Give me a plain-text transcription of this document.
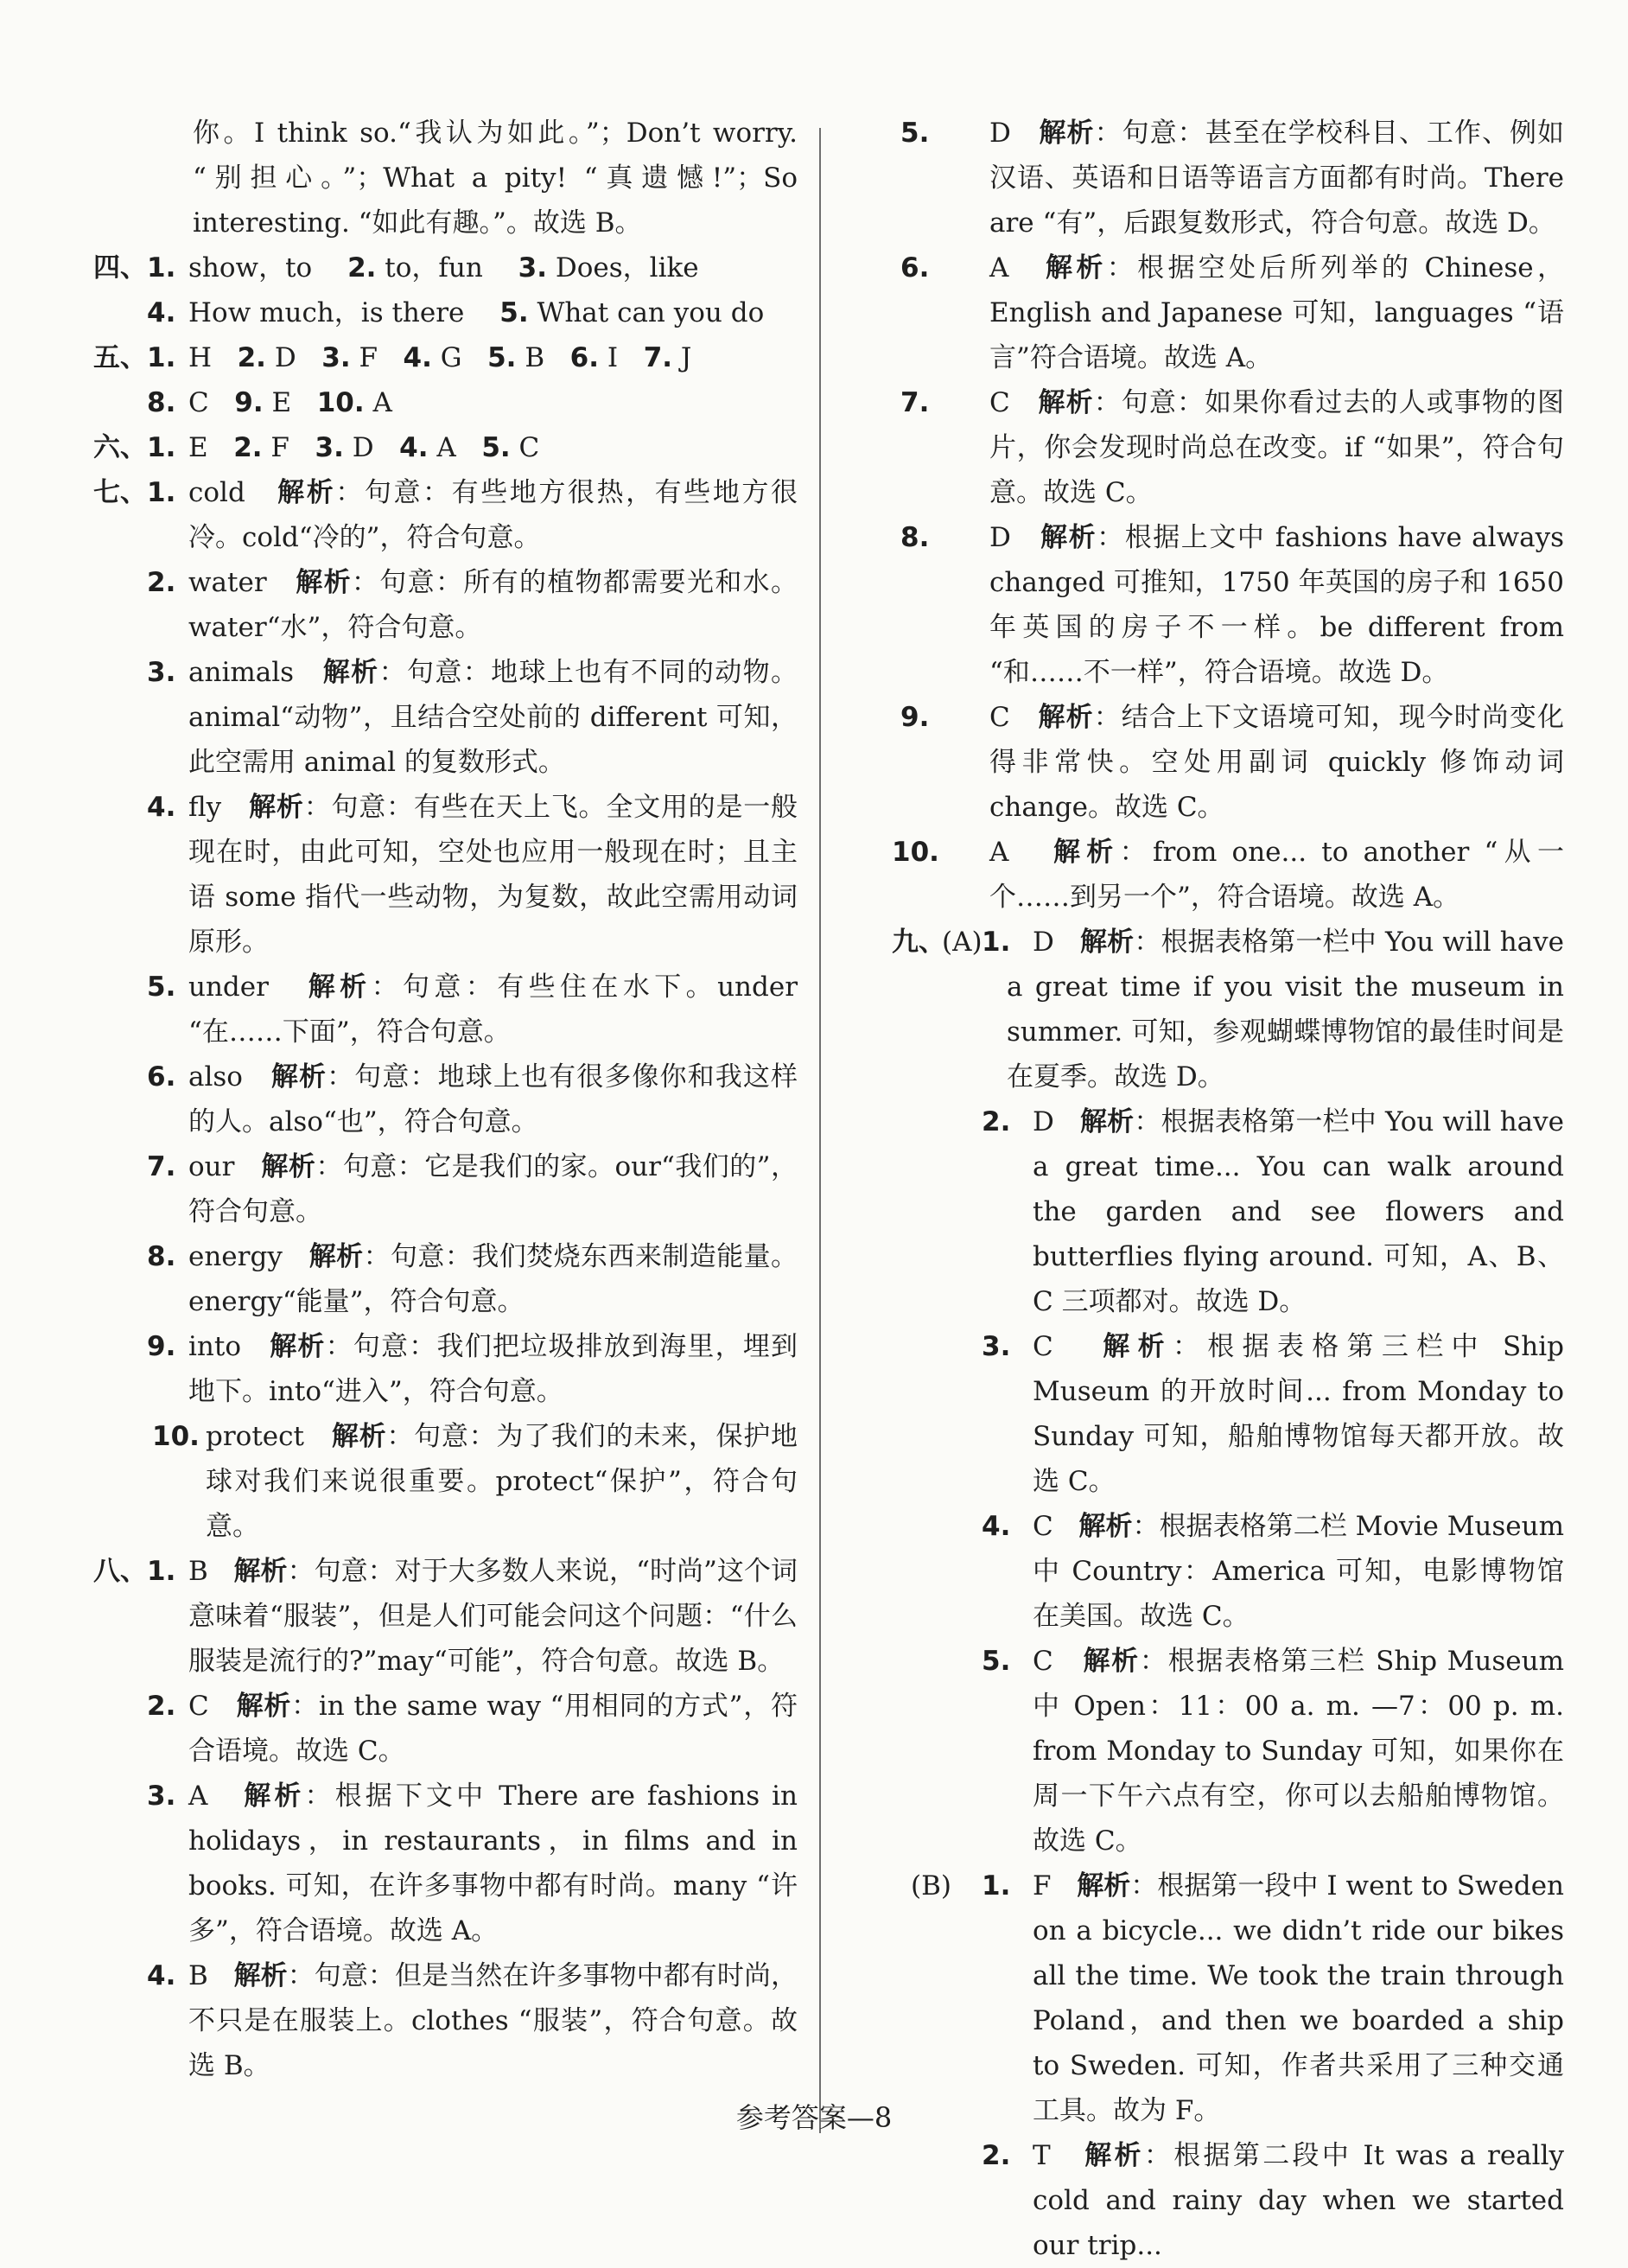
你。I think so.“我认为如此。”；Don’t worry. “别担心。”；What a pity! “真遗憾!”；So interesting. “如此有趣。”。故选 B。

四、 1. show，to　 2. to，fun　 3. Does，like
4. How much，is there　 5. What can you do
五、 1. H 2. D 3. F 4. G 5. B 6. I 7. J
8. C 9. E 10. A
六、 1. E 2. F 3. D 4. A 5. C
七、 1. cold 解析：句意：有些地方很热，有些地方很冷。cold“冷的”，符合句意。
2. water 解析：句意：所有的植物都需要光和水。water“水”，符合句意。
3. animals 解析：句意：地球上也有不同的动物。animal“动物”，且结合空处前的 different 可知，此空需用 animal 的复数形式。
4. fly 解析：句意：有些在天上飞。全文用的是一般现在时，由此可知，空处也应用一般现在时；且主语 some 指代一些动物，为复数，故此空需用动词原形。
5. under 解析：句意：有些住在水下。under “在……下面”，符合句意。
6. also 解析：句意：地球上也有很多像你和我这样的人。also“也”，符合句意。
7. our 解析：句意：它是我们的家。our“我们的”，符合句意。
8. energy 解析：句意：我们焚烧东西来制造能量。energy“能量”，符合句意。
9. into 解析：句意：我们把垃圾排放到海里，埋到地下。into“进入”，符合句意。
10. protect 解析：句意：为了我们的未来，保护地球对我们来说很重要。protect“保护”，符合句意。
八、 1. B 解析：句意：对于大多数人来说，“时尚”这个词意味着“服装”，但是人们可能会问这个问题：“什么服装是流行的?”may“可能”，符合句意。故选 B。
2. C 解析：in the same way “用相同的方式”，符合语境。故选 C。
3. A 解析：根据下文中 There are fashions in holidays，in restaurants，in films and in books. 可知，在许多事物中都有时尚。many “许多”，符合语境。故选 A。
4. B 解析：句意：但是当然在许多事物中都有时尚，不只是在服装上。clothes “服装”，符合句意。故选 B。
5. D 解析：句意：甚至在学校科目、工作、例如汉语、英语和日语等语言方面都有时尚。There are “有”，后跟复数形式，符合句意。故选 D。
6. A 解析：根据空处后所列举的 Chinese，English and Japanese 可知，languages “语言”符合语境。故选 A。
7. C 解析：句意：如果你看过去的人或事物的图片，你会发现时尚总在改变。if “如果”，符合句意。故选 C。
8. D 解析：根据上文中 fashions have always changed 可推知，1750 年英国的房子和 1650 年英国的房子不一样。be different from “和……不一样”，符合语境。故选 D。
9. C 解析：结合上下文语境可知，现今时尚变化得非常快。空处用副词 quickly 修饰动词 change。故选 C。
10. A 解析：from one... to another “从一个……到另一个”，符合语境。故选 A。
九、
(A) 1. D 解析：根据表格第一栏中 You will have a great time if you visit the museum in summer. 可知，参观蝴蝶博物馆的最佳时间是在夏季。故选 D。
2. D 解析：根据表格第一栏中 You will have a great time... You can walk around the garden and see flowers and butterflies flying around. 可知，A、B、C 三项都对。故选 D。
3. C 解析：根据表格第三栏中 Ship Museum 的开放时间... from Monday to Sunday 可知，船舶博物馆每天都开放。故选 C。
4. C 解析：根据表格第二栏 Movie Museum 中 Country：America 可知，电影博物馆在美国。故选 C。
5. C 解析：根据表格第三栏 Ship Museum 中 Open：11：00 a. m. —7：00 p. m. from Monday to Sunday 可知，如果你在周一下午六点有空，你可以去船舶博物馆。故选 C。
(B) 1. F 解析：根据第一段中 I went to Sweden on a bicycle... we didn’t ride our bikes all the time. We took the train through Poland，and then we boarded a ship to Sweden. 可知，作者共采用了三种交通工具。故为 F。
2. T 解析：根据第二段中 It was a really cold and rainy day when we started our trip...
参考答案—8
